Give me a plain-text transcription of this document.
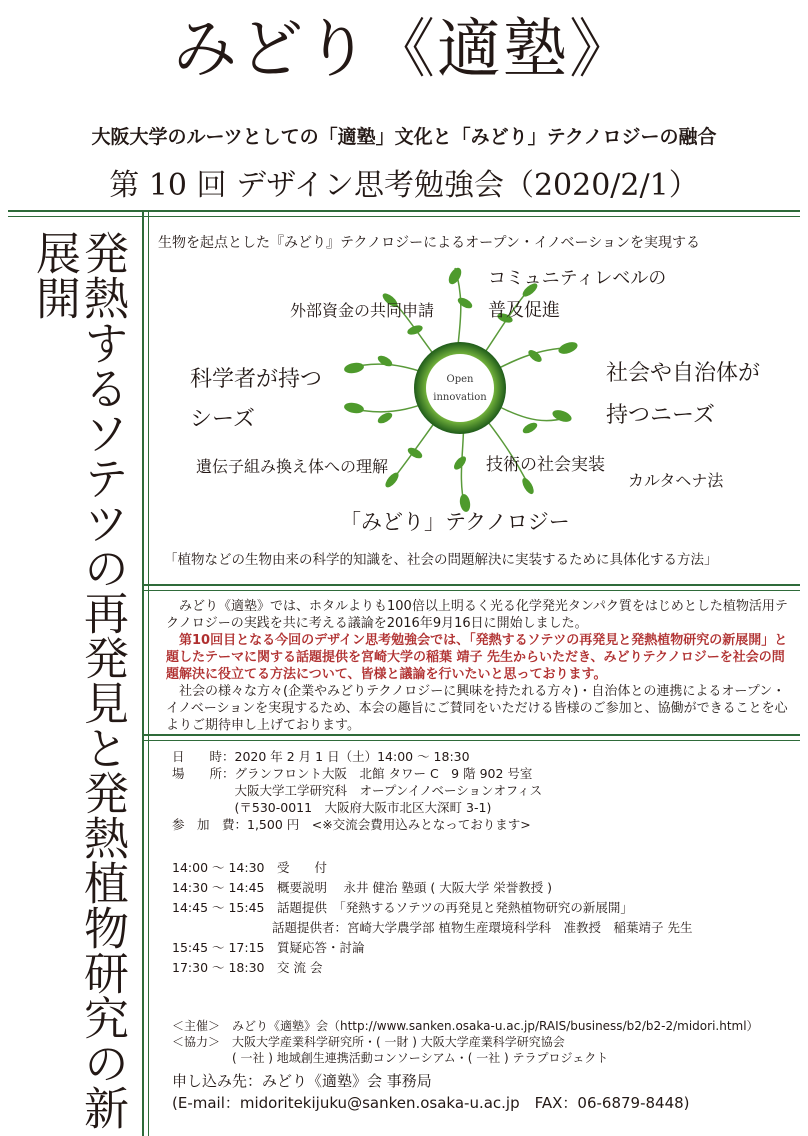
みどり《適塾》
大阪大学のルーツとしての「適塾」文化と「みどり」テクノロジーの融合
第 10 回 デザイン思考勉強会（2020/2/1）
発熱するソテツの再発見と発熱植物研究の新展開	生物を起点とした『みどり』テクノロジーによるオープン・イノベーションを実現する
Open
innovation
コミュニティレベルの
普及促進
外部資金の共同申請
科学者が持つ
シーズ
社会や自治体が
持つニーズ
遺伝子組み換え体への理解	技術の社会実装
カルタヘナ法
「みどり」テクノロジー
「植物などの生物由来の科学的知識を、社会の問題解決に実装するために具体化する方法」

みどり《適塾》では、ホタルよりも100倍以上明るく光る化学発光タンパク質をはじめとした植物活用テクノロジーの実践を共に考える議論を2016年9月16日に開始しました。

第10回目となる今回のデザイン思考勉強会では、「発熱するソテツの再発見と発熱植物研究の新展開」と題したテーマに関する話題提供を宮崎大学の稲葉 靖子 先生からいただき、みどりテクノロジーを社会の問題解決に役立てる方法について、皆様と議論を行いたいと思っております。

社会の様々な方々(企業やみどりテクノロジーに興味を持たれる方々)・自治体との連携によるオープン・イノベーションを実現するため、本会の趣旨にご賛同をいただける皆様のご参加と、協働ができることを心よりご期待申し上げております。

日　　時：2020 年 2 月 1 日（土）14:00 〜 18:30
場　　所：グランフロント大阪　北館 タワー C　9 階 902 号室
　　　　　大阪大学工学研究科　オープンイノベーションオフィス
　　　　　(〒530-0011　大阪府大阪市北区大深町 3-1)
参　加　費：1,500 円　<※交流会費用込みとなっております>
14:00 〜 14:30　受　　付
14:30 〜 14:45　概要説明　 永井 健治 塾頭 ( 大阪大学 栄誉教授 )
14:45 〜 15:45　話題提供　「発熱するソテツの再発見と発熱植物研究の新展開」
　　　　　　　　話題提供者：宮崎大学農学部 植物生産環境科学科　准教授　稲葉靖子 先生
15:45 〜 17:15　質疑応答・討論
17:30 〜 18:30　交 流 会
＜主催＞　みどり《適塾》会（http://www.sanken.osaka-u.ac.jp/RAIS/business/b2/b2-2/midori.html）
＜協力＞　大阪大学産業科学研究所・( 一財 ) 大阪大学産業科学研究協会
　　　　　( 一社 ) 地域創生連携活動コンソーシアム・( 一社 ) テラプロジェクト
申し込み先：みどり《適塾》会 事務局
(E-mail：midoritekijuku@sanken.osaka-u.ac.jp　FAX：06-6879-8448)
